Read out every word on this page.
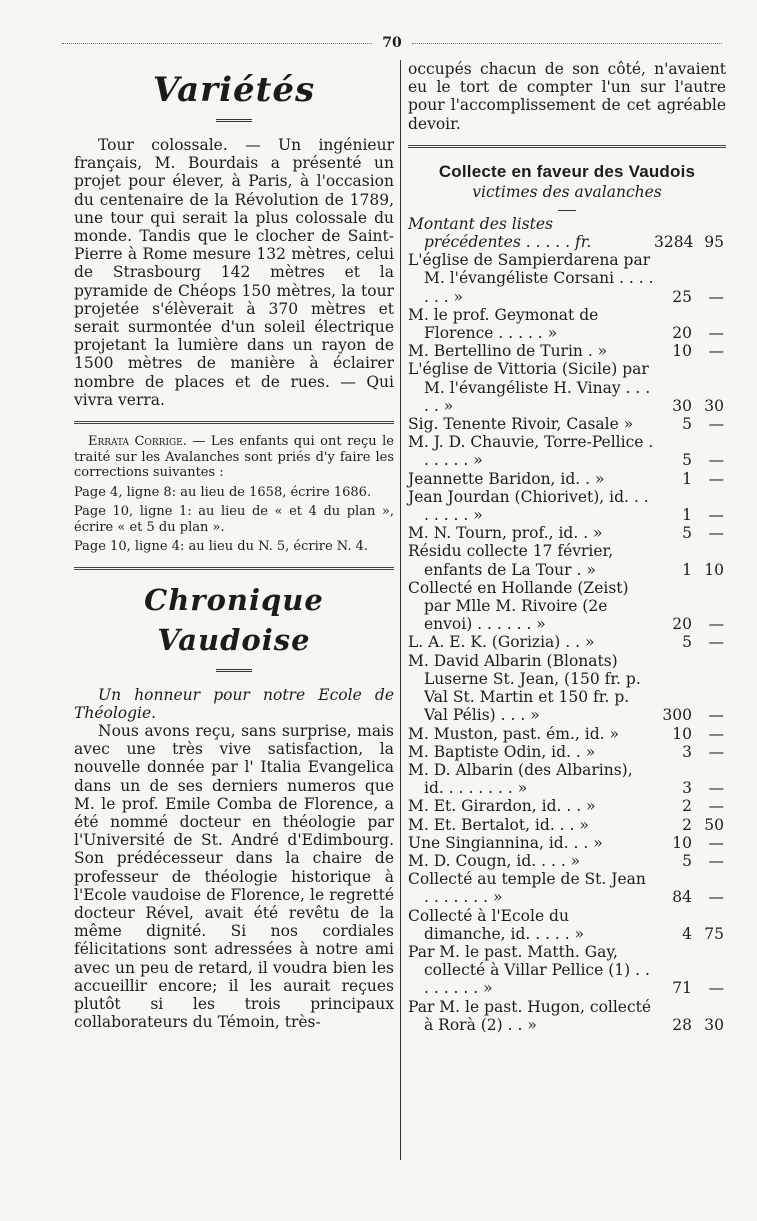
70
Variétés
Tour colossale. — Un ingénieur français, M. Bourdais a présenté un projet pour élever, à Paris, à l'occasion du centenaire de la Révolution de 1789, une tour qui serait la plus colossale du monde. Tandis que le clocher de Saint-Pierre à Rome mesure 132 mètres, celui de Strasbourg 142 mètres et la pyramide de Chéops 150 mètres, la tour projetée s'élèverait à 370 mètres et serait surmontée d'un soleil électrique projetant la lumière dans un rayon de 1500 mètres de manière à éclairer nombre de places et de rues. — Qui vivra verra.

Errata Corrige. — Les enfants qui ont reçu le traité sur les Avalanches sont priés d'y faire les corrections suivantes :

Page 4, ligne 8: au lieu de 1658, écrire 1686.

Page 10, ligne 1: au lieu de « et 4 du plan », écrire « et 5 du plan ».

Page 10, ligne 4: au lieu du N. 5, écrire N. 4.

Chronique Vaudoise
Un honneur pour notre Ecole de Théologie.
Nous avons reçu, sans surprise, mais avec une très vive satisfaction, la nouvelle donnée par l' Italia Evangelica dans un de ses derniers numeros que M. le prof. Emile Comba de Florence, a été nommé docteur en théologie par l'Université de St. André d'Edimbourg. Son prédécesseur dans la chaire de professeur de théologie historique à l'Ecole vaudoise de Florence, le regretté docteur Rével, avait été revêtu de la même dignité. Si nos cordiales félicitations sont adressées à notre ami avec un peu de retard, il voudra bien les accueillir encore; il les aurait reçues plutôt si les trois principaux collaborateurs du Témoin, très-
occupés chacun de son côté, n'avaient eu le tort de compter l'un sur l'autre pour l'accomplissement de cet agréable devoir.
Collecte en faveur des Vaudois
victimes des avalanches
Montant des listes précédentes . . . . . fr.	3284 95
L'église de Sampierdarena par M. l'évangéliste Corsani . . . . . . . »	25	—
M. le prof. Geymonat de Florence . . . . . »	20	—
M. Bertellino de Turin . »	10	—
L'église de Vittoria (Sicile) par M. l'évangéliste H. Vinay . . . . . »	30 30
Sig. Tenente Rivoir, Casale »	5	—
M. J. D. Chauvie, Torre-Pellice . . . . . . »	5	—
Jeannette Baridon, id. . »	1	—
Jean Jourdan (Chiorivet), id. . . . . . . . »	1	—
M. N. Tourn, prof., id. . »	5	—
Résidu collecte 17 février, enfants de La Tour . »	1 10
Collecté en Hollande (Zeist) par Mlle M. Rivoire (2e envoi) . . . . . . »	20	—
L. A. E. K. (Gorizia) . . »	5	—
M. David Albarin (Blonats) Luserne St. Jean, (150 fr. p. Val St. Martin et 150 fr. p. Val Pélis) . . . »	300	—
M. Muston, past. ém., id. »	10	—
M. Baptiste Odin, id. . »	3	—
M. D. Albarin (des Albarins), id. . . . . . . . »	3	—
M. Et. Girardon, id. . . »	2	—
M. Et. Bertalot, id. . . »	2 50
Une Singiannina, id. . . »	10	—
M. D. Cougn, id. . . . »	5	—
Collecté au temple de St. Jean . . . . . . . »	84	—
Collecté à l'Ecole du dimanche, id. . . . . »	4 75
Par M. le past. Matth. Gay, collecté à Villar Pellice (1) . . . . . . . . »	71	—
Par M. le past. Hugon, collecté à Rorà (2) . . »	28 30
